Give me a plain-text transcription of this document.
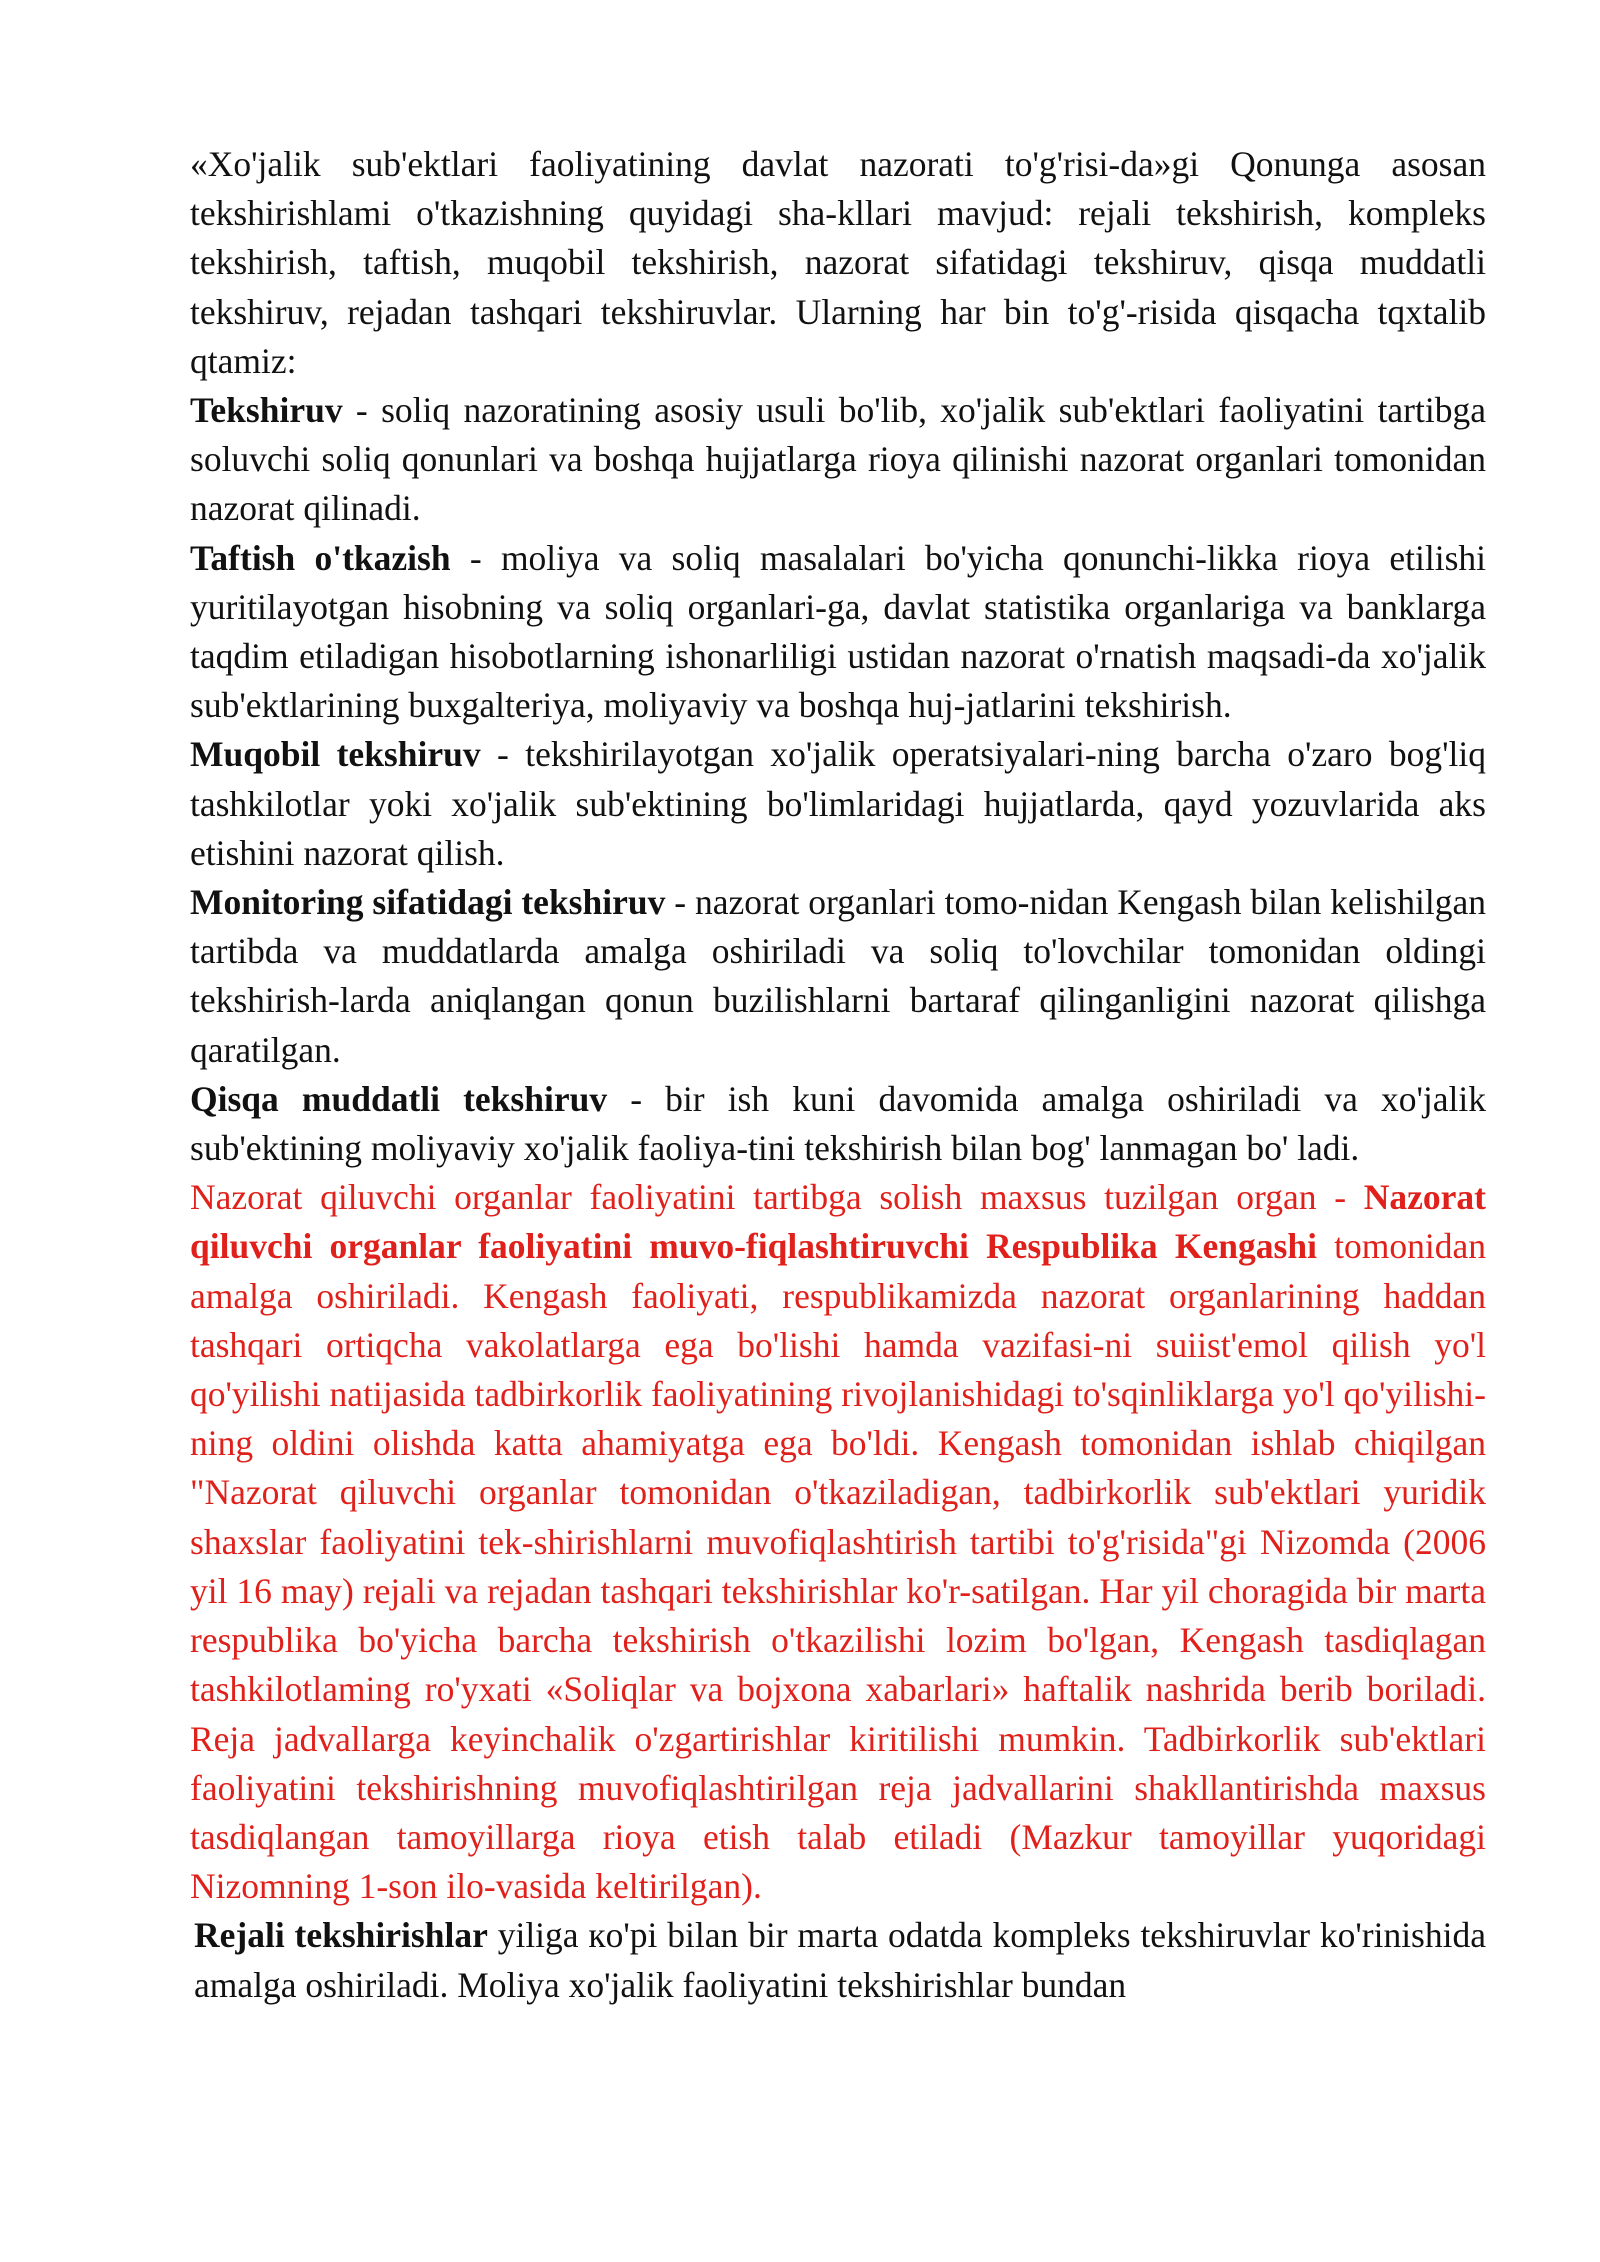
«Xo'jalik sub'ektlari faoliyatining davlat nazorati to'g'risi-da»gi Qonunga asosan tekshirishlami o'tkazishning quyidagi sha-kllari mavjud: rejali tekshirish, kompleks tekshirish, taftish, muqobil tekshirish, nazorat sifatidagi tekshiruv, qisqa muddatli tekshiruv, rejadan tashqari tekshiruvlar. Ularning har bin to'g'-risida qisqacha tqxtalib qtamiz:

Tekshiruv - soliq nazoratining asosiy usuli bo'lib, xo'jalik sub'ektlari faoliyatini tartibga soluvchi soliq qonunlari va boshqa hujjatlarga rioya qilinishi nazorat organlari tomonidan nazorat qilinadi.

Taftish o'tkazish - moliya va soliq masalalari bo'yicha qonunchi-likka rioya etilishi yuritilayotgan hisobning va soliq organlari-ga, davlat statistika organlariga va banklarga taqdim etiladigan hisobotlarning ishonarliligi ustidan nazorat o'rnatish maqsadi-da xo'jalik sub'ektlarining buxgalteriya, moliyaviy va boshqa huj-jatlarini tekshirish.

Muqobil tekshiruv - tekshirilayotgan xo'jalik operatsiyalari-ning barcha o'zaro bog'liq tashkilotlar yoki xo'jalik sub'ektining bo'limlaridagi hujjatlarda, qayd yozuvlarida aks etishini nazorat qilish.

Monitoring sifatidagi tekshiruv - nazorat organlari tomo-nidan Kengash bilan kelishilgan tartibda va muddatlarda amalga oshiriladi va soliq to'lovchilar tomonidan oldingi tekshirish-larda aniqlangan qonun buzilishlarni bartaraf qilinganligini nazorat qilishga qaratilgan.

Qisqa muddatli tekshiruv - bir ish kuni davomida amalga oshiriladi va xo'jalik sub'ektining moliyaviy xo'jalik faoliya-tini tekshirish bilan bog' lanmagan bo' ladi.

Nazorat qiluvchi organlar faoliyatini tartibga solish maxsus tuzilgan organ - Nazorat qiluvchi organlar faoliyatini muvo-fiqlashtiruvchi Respublika Kengashi tomonidan amalga oshiriladi. Kengash faoliyati, respublikamizda nazorat organlarining haddan tashqari ortiqcha vakolatlarga ega bo'lishi hamda vazifasi-ni suiist'emol qilish yo'l qo'yilishi natijasida tadbirkorlik faoliyatining rivojlanishidagi to'sqinliklarga yo'l qo'yilishi-ning oldini olishda katta ahamiyatga ega bo'ldi. Kengash tomonidan ishlab chiqilgan "Nazorat qiluvchi organlar tomonidan o'tkaziladigan, tadbirkorlik sub'ektlari yuridik shaxslar faoliyatini tek-shirishlarni muvofiqlashtirish tartibi to'g'risida"gi Nizomda (2006 yil 16 may) rejali va rejadan tashqari tekshirishlar ko'r-satilgan. Har yil choragida bir marta respublika bo'yicha barcha tekshirish o'tkazilishi lozim bo'lgan, Kengash tasdiqlagan tashkilotlaming ro'yxati «Soliqlar va bojxona xabarlari» haftalik nashrida berib boriladi. Reja jadvallarga keyinchalik o'zgartirishlar kiritilishi mumkin. Tadbirkorlik sub'ektlari faoliyatini tekshirishning muvofiqlashtirilgan reja jadvallarini shakllantirishda maxsus tasdiqlangan tamoyillarga rioya etish talab etiladi (Mazkur tamoyillar yuqoridagi Nizomning 1-son ilo-vasida keltirilgan).

Rejali tekshirishlar yiliga кo'pi bilan bir marta odatda kompleks tekshiruvlar ko'rinishida amalga oshiriladi. Moliya xo'jalik faoliyatini tekshirishlar bundan
